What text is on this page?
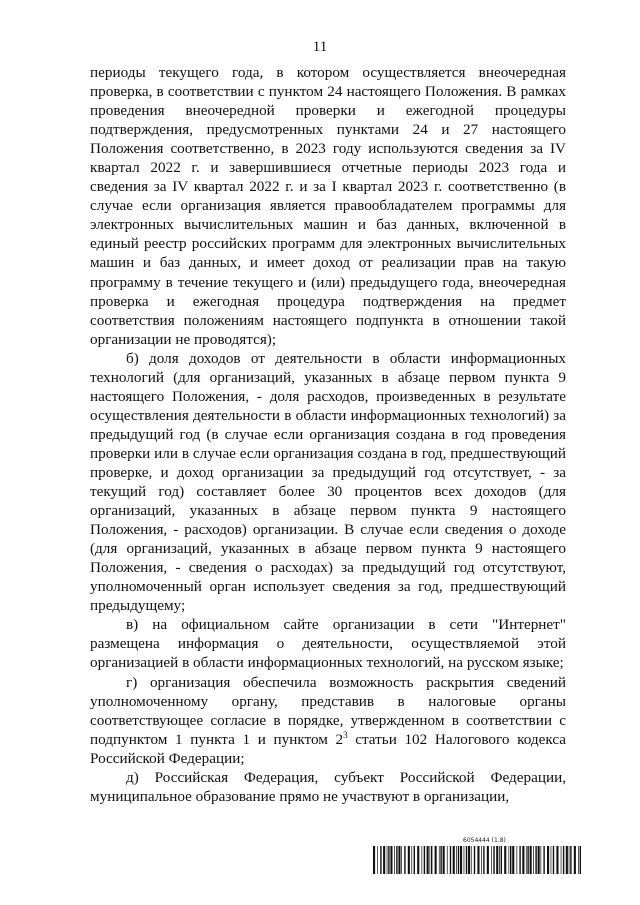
11

периоды текущего года, в котором осуществляется внеочередная проверка, в соответствии с пунктом 24 настоящего Положения. В рамках проведения внеочередной проверки и ежегодной процедуры подтверждения, предусмотренных пунктами 24 и 27 настоящего Положения соответственно, в 2023 году используются сведения за IV квартал 2022 г. и завершившиеся отчетные периоды 2023 года и сведения за IV квартал 2022 г. и за I квартал 2023 г. соответственно (в случае если организация является правообладателем программы для электронных вычислительных машин и баз данных, включенной в единый реестр российских программ для электронных вычислительных машин и баз данных, и имеет доход от реализации прав на такую программу в течение текущего и (или) предыдущего года, внеочередная проверка и ежегодная процедура подтверждения на предмет соответствия положениям настоящего подпункта в отношении такой организации не проводятся);

б) доля доходов от деятельности в области информационных технологий (для организаций, указанных в абзаце первом пункта 9 настоящего Положения, - доля расходов, произведенных в результате осуществления деятельности в области информационных технологий) за предыдущий год (в случае если организация создана в год проведения проверки или в случае если организация создана в год, предшествующий проверке, и доход организации за предыдущий год отсутствует, - за текущий год) составляет более 30 процентов всех доходов (для организаций, указанных в абзаце первом пункта 9 настоящего Положения, - расходов) организации. В случае если сведения о доходе (для организаций, указанных в абзаце первом пункта 9 настоящего Положения, - сведения о расходах) за предыдущий год отсутствуют, уполномоченный орган использует сведения за год, предшествующий предыдущему;

в) на официальном сайте организации в сети "Интернет" размещена информация о деятельности, осуществляемой этой организацией в области информационных технологий, на русском языке;

г) организация обеспечила возможность раскрытия сведений уполномоченному органу, представив в налоговые органы соответствующее согласие в порядке, утвержденном в соответствии с подпунктом 1 пункта 1 и пунктом $2^3$ статьи 102 Налогового кодекса Российской Федерации;

д) Российская Федерация, субъект Российской Федерации, муниципальное образование прямо не участвуют в организации,

6054444 (1.8)
